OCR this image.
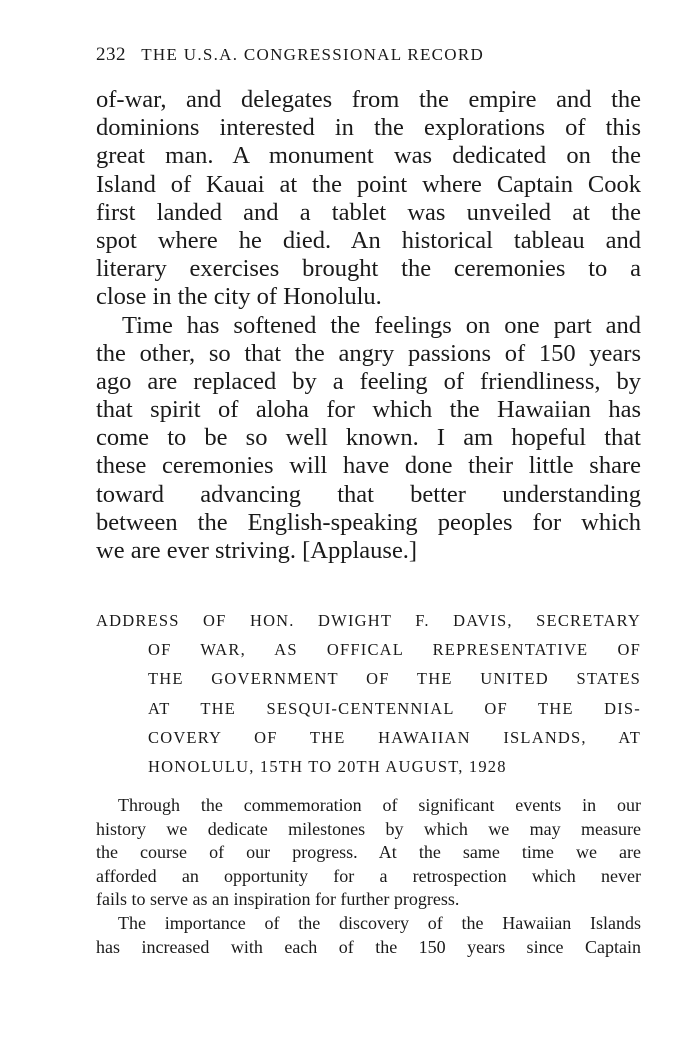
232 THE U.S.A. CONGRESSIONAL RECORD
of-war, and delegates from the empire and the
dominions interested in the explorations of this
great man. A monument was dedicated on the
Island of Kauai at the point where Captain Cook
first landed and a tablet was unveiled at the
spot where he died. An historical tableau and
literary exercises brought the ceremonies to a
close in the city of Honolulu.
Time has softened the feelings on one part and
the other, so that the angry passions of 150 years
ago are replaced by a feeling of friendliness, by
that spirit of aloha for which the Hawaiian has
come to be so well known. I am hopeful that
these ceremonies will have done their little share
toward advancing that better understanding
between the English-speaking peoples for which
we are ever striving. [Applause.]
ADDRESS OF HON. DWIGHT F. DAVIS, SECRETARY
OF WAR, AS OFFICAL REPRESENTATIVE OF
THE GOVERNMENT OF THE UNITED STATES
AT THE SESQUI-CENTENNIAL OF THE DIS-
COVERY OF THE HAWAIIAN ISLANDS, AT
HONOLULU, 15TH TO 20TH AUGUST, 1928
Through the commemoration of significant events in our
history we dedicate milestones by which we may measure
the course of our progress. At the same time we are
afforded an opportunity for a retrospection which never
fails to serve as an inspiration for further progress.
The importance of the discovery of the Hawaiian Islands
has increased with each of the 150 years since Captain
